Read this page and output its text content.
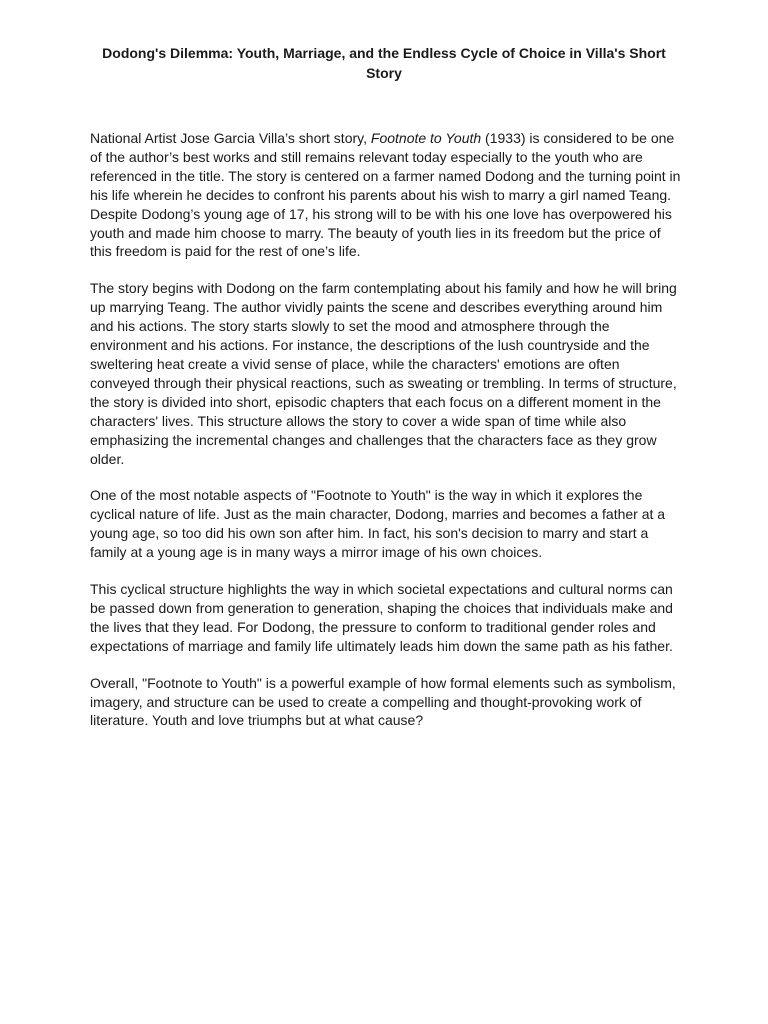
Dodong's Dilemma: Youth, Marriage, and the Endless Cycle of Choice in Villa's Short Story

National Artist Jose Garcia Villa’s short story, Footnote to Youth (1933) is considered to be one of the author’s best works and still remains relevant today especially to the youth who are referenced in the title. The story is centered on a farmer named Dodong and the turning point in his life wherein he decides to confront his parents about his wish to marry a girl named Teang. Despite Dodong’s young age of 17, his strong will to be with his one love has overpowered his youth and made him choose to marry. The beauty of youth lies in its freedom but the price of this freedom is paid for the rest of one’s life.

The story begins with Dodong on the farm contemplating about his family and how he will bring up marrying Teang. The author vividly paints the scene and describes everything around him and his actions. The story starts slowly to set the mood and atmosphere through the environment and his actions. For instance, the descriptions of the lush countryside and the sweltering heat create a vivid sense of place, while the characters' emotions are often conveyed through their physical reactions, such as sweating or trembling. In terms of structure, the story is divided into short, episodic chapters that each focus on a different moment in the characters' lives. This structure allows the story to cover a wide span of time while also emphasizing the incremental changes and challenges that the characters face as they grow older.

One of the most notable aspects of "Footnote to Youth" is the way in which it explores the cyclical nature of life. Just as the main character, Dodong, marries and becomes a father at a young age, so too did his own son after him. In fact, his son's decision to marry and start a family at a young age is in many ways a mirror image of his own choices.

This cyclical structure highlights the way in which societal expectations and cultural norms can be passed down from generation to generation, shaping the choices that individuals make and the lives that they lead. For Dodong, the pressure to conform to traditional gender roles and expectations of marriage and family life ultimately leads him down the same path as his father.

Overall, "Footnote to Youth" is a powerful example of how formal elements such as symbolism, imagery, and structure can be used to create a compelling and thought-provoking work of literature. Youth and love triumphs but at what cause?
